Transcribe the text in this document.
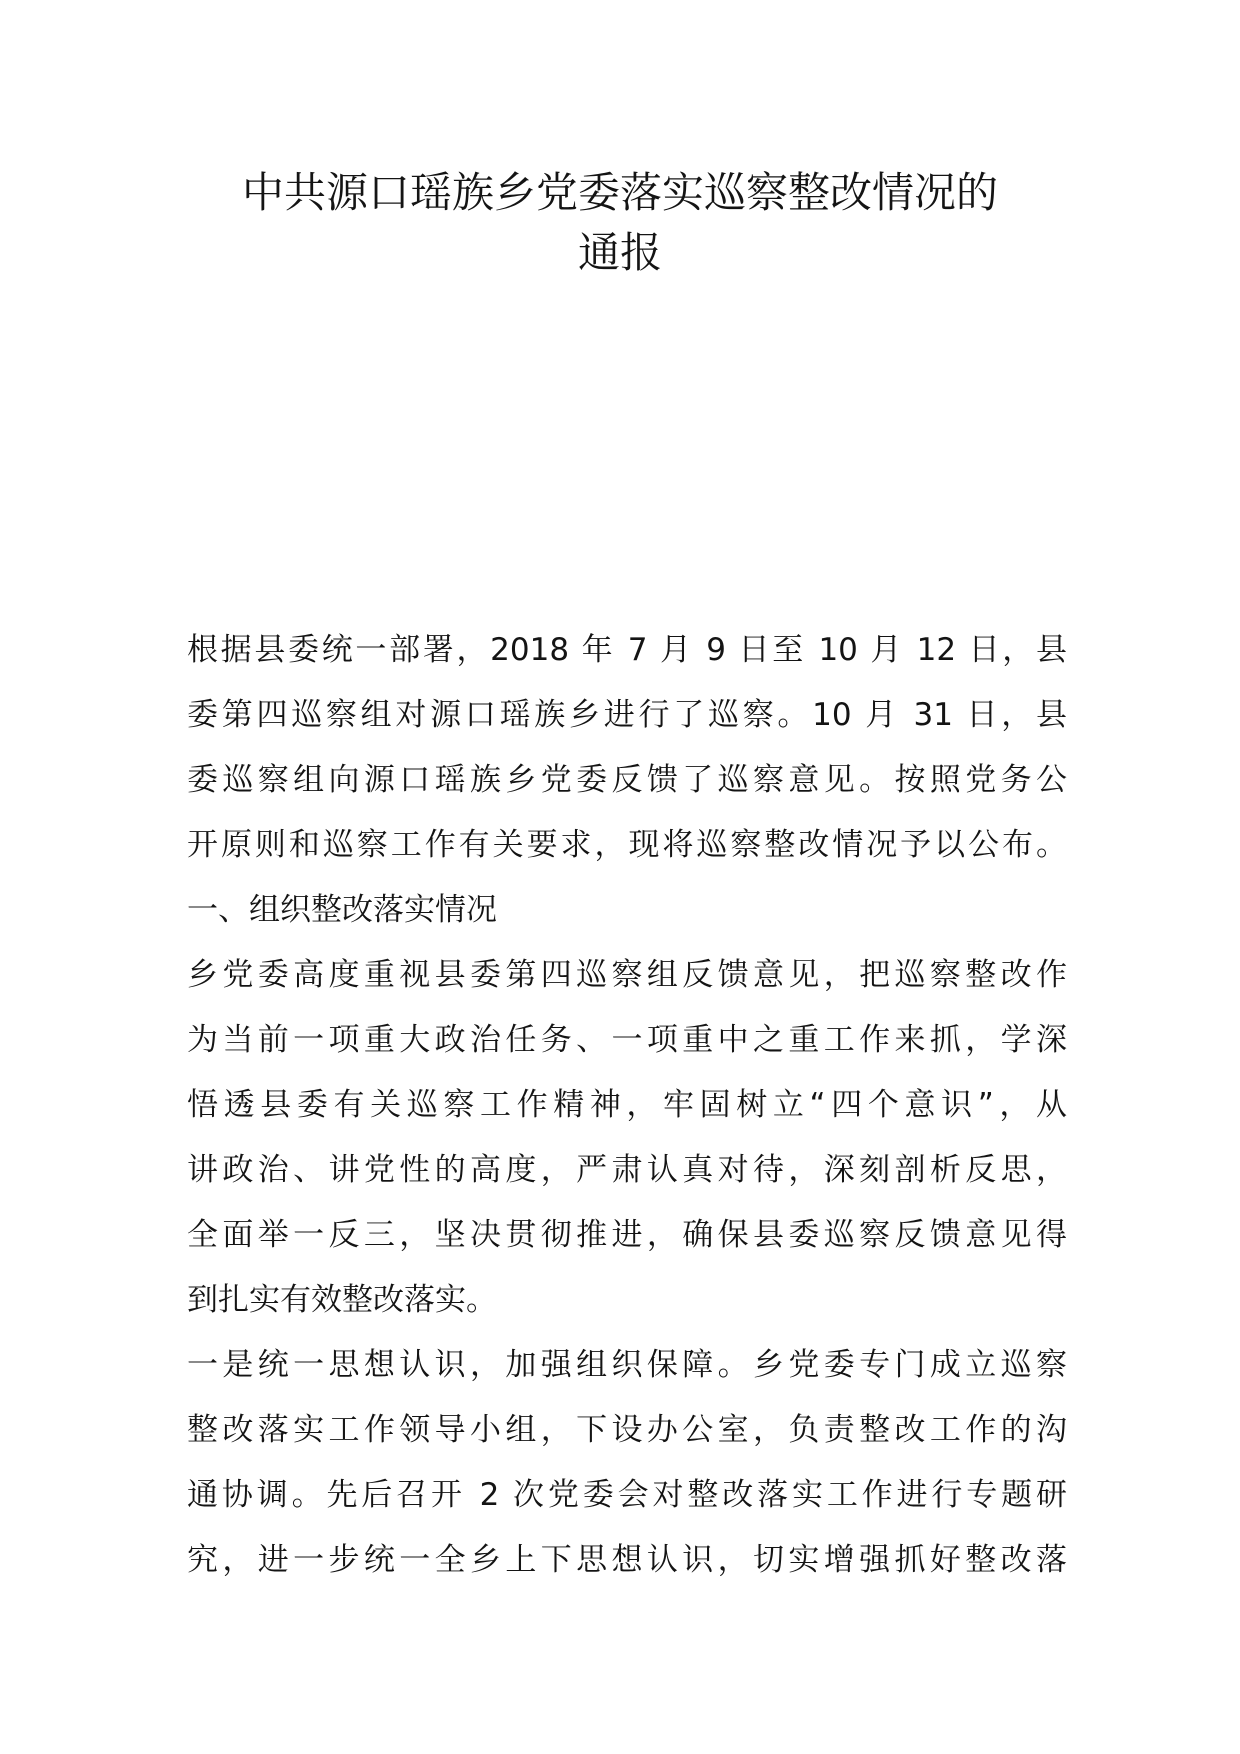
中共源口瑶族乡党委落实巡察整改情况的
通报
根据县委统一部署，2018 年 7 月 9 日至 10 月 12 日，县
委第四巡察组对源口瑶族乡进行了巡察。10 月 31 日，县
委巡察组向源口瑶族乡党委反馈了巡察意见。按照党务公
开原则和巡察工作有关要求，现将巡察整改情况予以公布。
一、组织整改落实情况
乡党委高度重视县委第四巡察组反馈意见，把巡察整改作
为当前一项重大政治任务、一项重中之重工作来抓，学深
悟透县委有关巡察工作精神，牢固树立“四个意识”，从
讲政治、讲党性的高度，严肃认真对待，深刻剖析反思，
全面举一反三，坚决贯彻推进，确保县委巡察反馈意见得
到扎实有效整改落实。
一是统一思想认识，加强组织保障。乡党委专门成立巡察
整改落实工作领导小组，下设办公室，负责整改工作的沟
通协调。先后召开 2 次党委会对整改落实工作进行专题研
究，进一步统一全乡上下思想认识，切实增强抓好整改落
